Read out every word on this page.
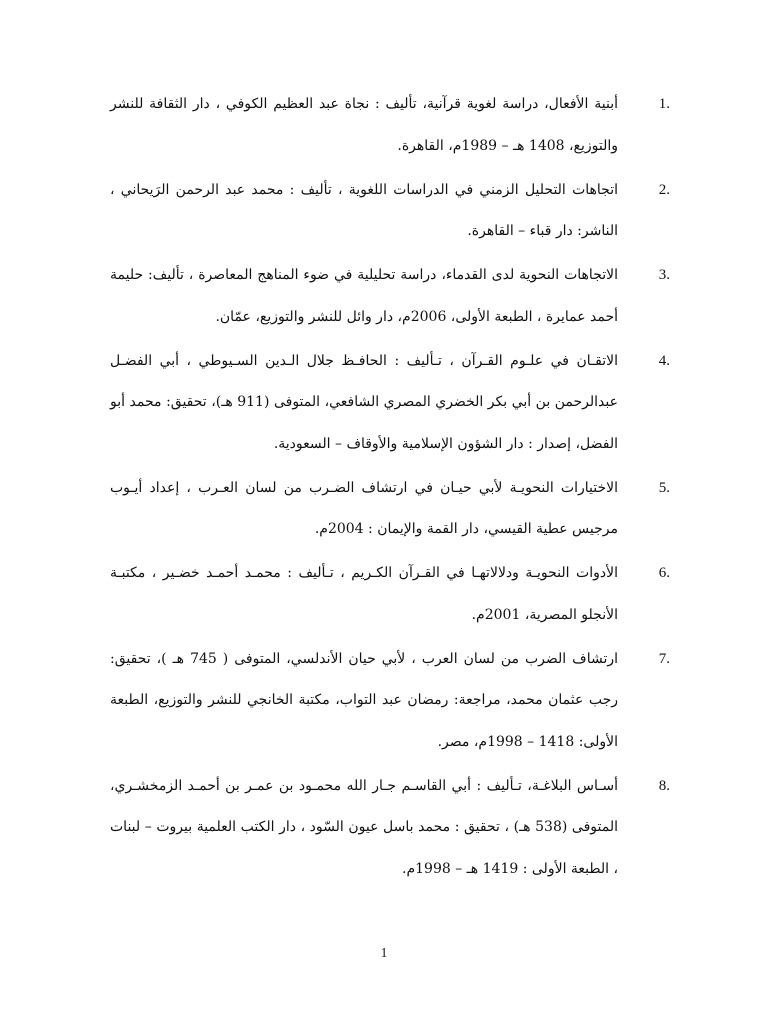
1.
أبنية الأفعال، دراسة لغوية قرآنية، تأليف : نجاة عبد العظيم الكوفي ، دار الثقافة للنشر والتوزيع، 1408 هـ – 1989م، القاهرة.
2.
اتجاهات التحليل الزمني في الدراسات اللغوية ، تأليف : محمد عبد الرحمن الرَيحاني ، الناشر: دار قباء – القاهرة.
3.
الاتجاهات النحوية لدى القدماء، دراسة تحليلية في ضوء المناهج المعاصرة ، تأليف: حليمة أحمد عمايرة ، الطبعة الأولى، 2006م، دار وائل للنشر والتوزيع، عمّان.
4.
الاتقـان في علـوم القـرآن ، تـأليف : الحافـظ جلال الـدين السـيوطي ، أبي الفضـل عبدالرحمن بن أبي بكر الخضري المصري الشافعي، المتوفى (911 هـ)، تحقيق: محمد أبو الفضل، إصدار : دار الشؤون الإسلامية والأوقاف – السعودية.
5.
الاختيارات النحويـة لأبي حيـان في ارتشاف الضـرب من لسان العـرب ، إعداد أيـوب مرجيس عطية القيسي، دار القمة والإيمان : 2004م.
6.
الأدوات النحويـة ودلالاتهـا في القـرآن الكـريم ، تـأليف : محمـد أحمـد خضـير ، مكتبـة الأنجلو المصرية، 2001م.
7.
ارتشاف الضرب من لسان العرب ، لأبي حيان الأندلسي، المتوفى ( 745 هـ )، تحقيق: رجب عثمان محمد، مراجعة: رمضان عبد التواب، مكتبة الخانجي للنشر والتوزيع، الطبعة الأولى: 1418 – 1998م، مصر.
8.
أسـاس البلاغـة، تـأليف : أبي القاسـم جـار الله محمـود بن عمـر بن أحمـد الزمخشـري، المتوفى (538 هـ) ، تحقيق : محمد باسل عيون السّود ، دار الكتب العلمية بيروت – لبنات ، الطبعة الأولى : 1419 هـ – 1998م.
1
